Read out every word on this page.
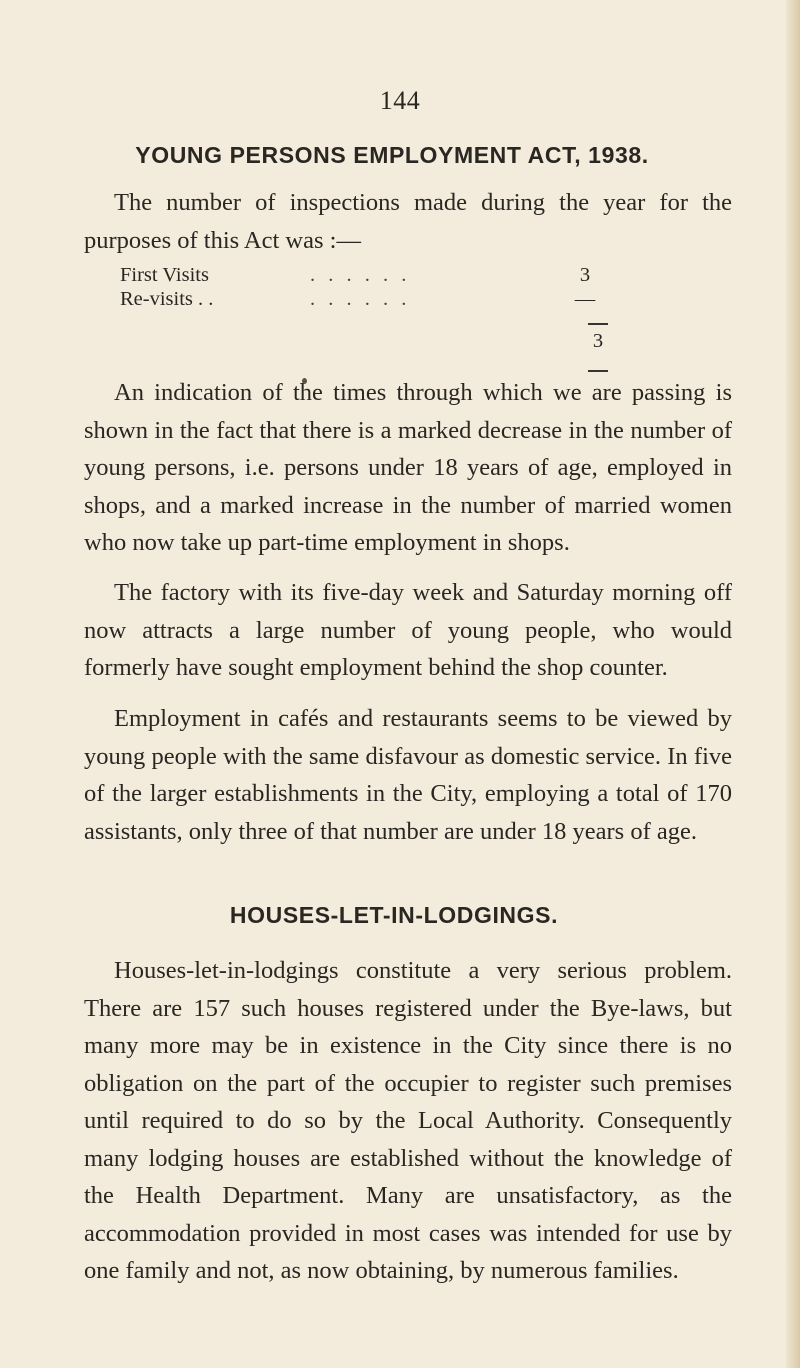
144
YOUNG PERSONS EMPLOYMENT ACT, 1938.

The number of inspections made during the year for the purposes of this Act was :—

First Visits	. . . . . .	3
Re-visits . .	. . . . . .	—
3

An indication of the times through which we are passing is shown in the fact that there is a marked decrease in the number of young persons, i.e. persons under 18 years of age, employed in shops, and a marked increase in the number of married women who now take up part-time employment in shops.

The factory with its five-day week and Saturday morning off now attracts a large number of young people, who would formerly have sought employment behind the shop counter.

Employment in cafés and restaurants seems to be viewed by young people with the same disfavour as domestic service. In five of the larger establishments in the City, employing a total of 170 assistants, only three of that number are under 18 years of age.

HOUSES-LET-IN-LODGINGS.

Houses-let-in-lodgings constitute a very serious problem. There are 157 such houses registered under the Bye-laws, but many more may be in existence in the City since there is no obligation on the part of the occupier to register such premises until required to do so by the Local Authority. Consequently many lodging houses are established without the knowledge of the Health Department. Many are unsatisfactory, as the accommodation provided in most cases was intended for use by one family and not, as now obtaining, by numerous families.
